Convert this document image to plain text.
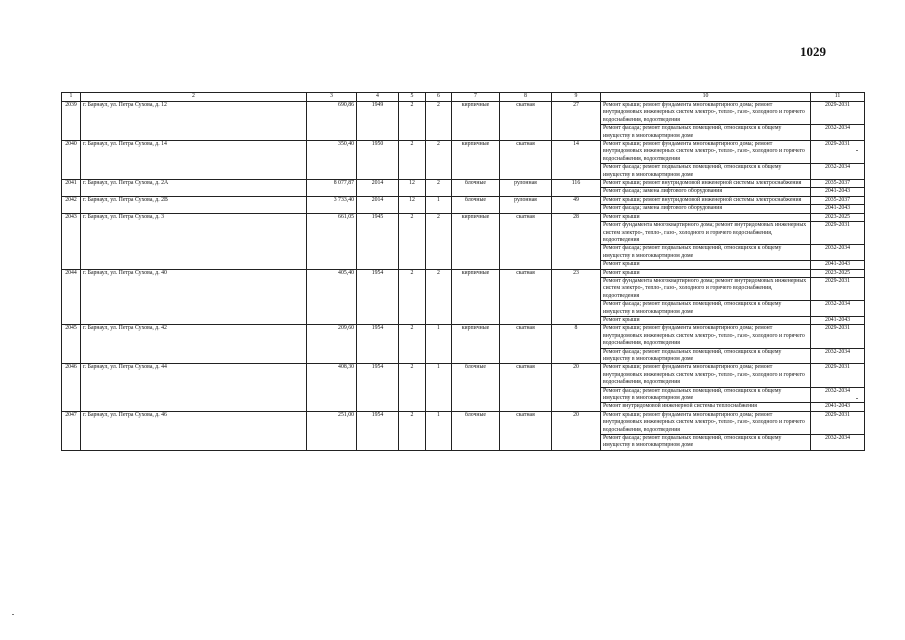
1029
1	2	3	4	5	6	7	8	9	10	11
2039	г. Барнаул, ул. Петра Сухова, д. 12	690,86	1949	2	2	кирпичные	скатная	27	Ремонт крыши; ремонт фундамента многоквартирного дома; ремонт внутридомовых инженерных систем электро-, тепло-, газо-, холодного и горячего водоснабжения, водоотведения	2029-2031
									Ремонт фасада; ремонт подвальных помещений, относящихся к общему имуществу в многоквартирном доме	2032-2034
2040	г. Барнаул, ул. Петра Сухова, д. 14	350,40	1950	2	2	кирпичные	скатная	14	Ремонт крыши; ремонт фундамента многоквартирного дома; ремонт внутридомовых инженерных систем электро-, тепло-, газо-, холодного и горячего водоснабжения, водоотведения	2029-2031
									Ремонт фасада; ремонт подвальных помещений, относящихся к общему имуществу в многоквартирном доме	2032-2034
2041	г. Барнаул, ул. Петра Сухова, д. 2А	8 077,87	2014	12	2	блочные	рулонная	116	Ремонт крыши; ремонт внутридомовой инженерной системы электроснабжения	2035-2037
									Ремонт фасада; замена лифтового оборудования	2041-2043
2042	г. Барнаул, ул. Петра Сухова, д. 2В	3 733,40	2014	12	1	блочные	рулонная	49	Ремонт крыши; ремонт внутридомовой инженерной системы электроснабжения	2035-2037
									Ремонт фасада; замена лифтового оборудования	2041-2043
2043	г. Барнаул, ул. Петра Сухова, д. 3	661,05	1945	2	2	кирпичные	скатная	28	Ремонт крыши	2023-2025
									Ремонт фундамента многоквартирного дома; ремонт внутридомовых инженерных систем электро-, тепло-, газо-, холодного и горячего водоснабжения, водоотведения	2029-2031
									Ремонт фасада; ремонт подвальных помещений, относящихся к общему имуществу в многоквартирном доме	2032-2034
									Ремонт крыши	2041-2043
2044	г. Барнаул, ул. Петра Сухова, д. 40	405,40	1954	2	2	кирпичные	скатная	23	Ремонт крыши	2023-2025
									Ремонт фундамента многоквартирного дома; ремонт внутридомовых инженерных систем электро-, тепло-, газо-, холодного и горячего водоснабжения, водоотведения	2029-2031
									Ремонт фасада; ремонт подвальных помещений, относящихся к общему имуществу в многоквартирном доме	2032-2034
									Ремонт крыши	2041-2043
2045	г. Барнаул, ул. Петра Сухова, д. 42	209,60	1954	2	1	кирпичные	скатная	8	Ремонт крыши; ремонт фундамента многоквартирного дома; ремонт внутридомовых инженерных систем электро-, тепло-, газо-, холодного и горячего водоснабжения, водоотведения	2029-2031
									Ремонт фасада; ремонт подвальных помещений, относящихся к общему имуществу в многоквартирном доме	2032-2034
2046	г. Барнаул, ул. Петра Сухова, д. 44	408,30	1954	2	1	блочные	скатная	20	Ремонт крыши; ремонт фундамента многоквартирного дома; ремонт внутридомовых инженерных систем электро-, тепло-, газо-, холодного и горячего водоснабжения, водоотведения	2029-2031
									Ремонт фасада; ремонт подвальных помещений, относящихся к общему имуществу в многоквартирном доме	2032-2034
									Ремонт внутридомовой инженерной системы теплоснабжения	2041-2043
2047	г. Барнаул, ул. Петра Сухова, д. 46	251,00	1954	2	1	блочные	скатная	20	Ремонт крыши; ремонт фундамента многоквартирного дома; ремонт внутридомовых инженерных систем электро-, тепло-, газо-, холодного и горячего водоснабжения, водоотведения	2029-2031
									Ремонт фасада; ремонт подвальных помещений, относящихся к общему имуществу в многоквартирном доме	2032-2034
